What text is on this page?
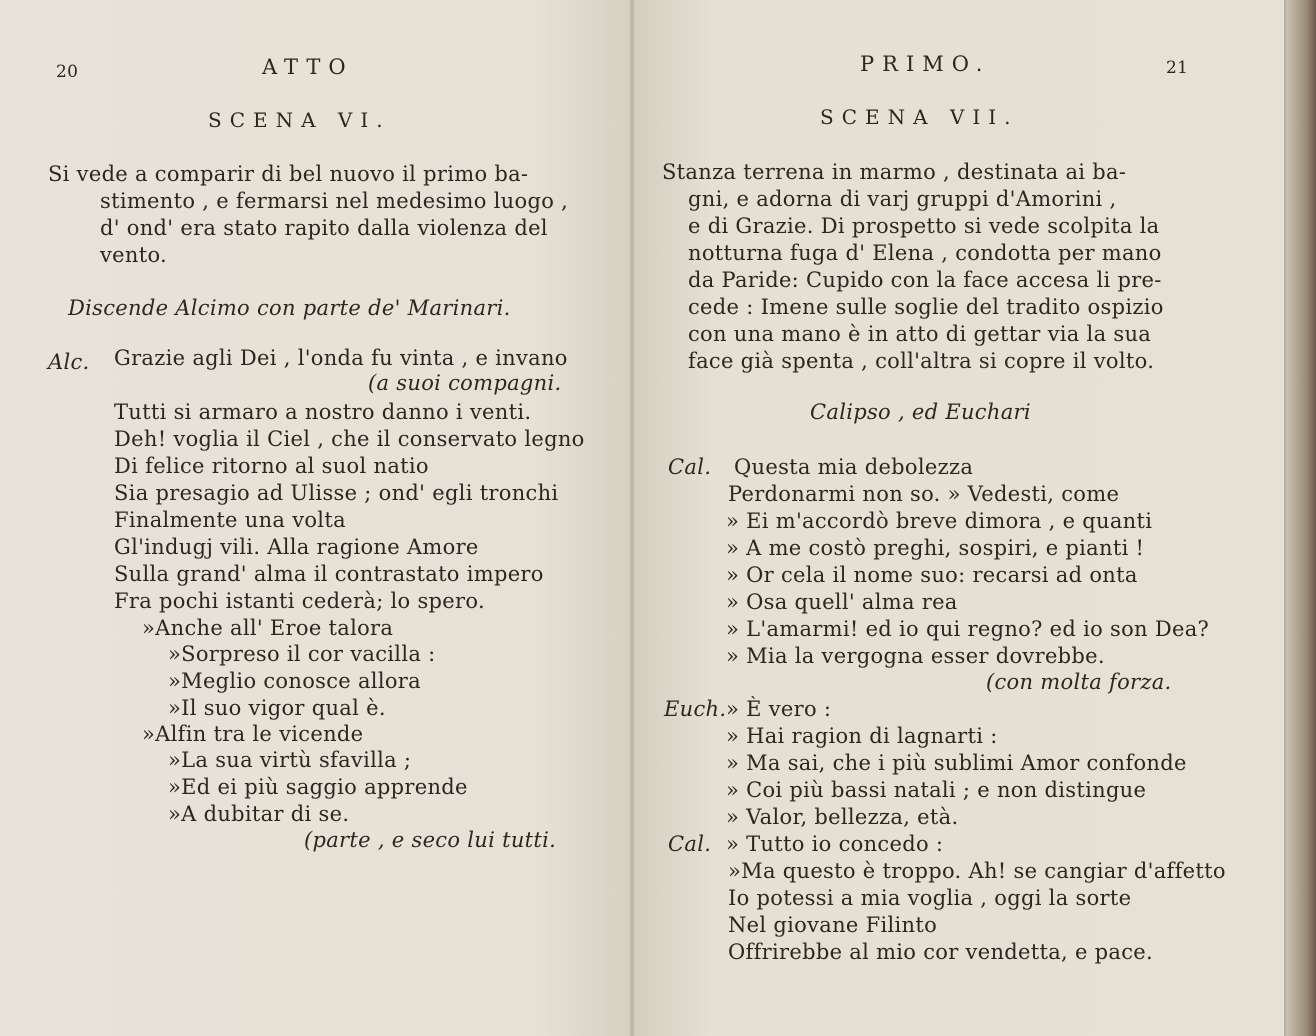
20	ATTO
SCENA VI.
Si vede a comparir di bel nuovo il primo ba-
stimento , e fermarsi nel medesimo luogo ,
d' ond' era stato rapito dalla violenza del
vento.
Discende Alcimo con parte de' Marinari.
Alc. Grazie agli Dei , l'onda fu vinta , e invano
(a suoi compagni.
Tutti si armaro a nostro danno i venti.
Deh! voglia il Ciel , che il conservato legno
Di felice ritorno al suol natio
Sia presagio ad Ulisse ; ond' egli tronchi
Finalmente una volta
Gl'indugj vili. Alla ragione Amore
Sulla grand' alma il contrastato impero
Fra pochi istanti cederà; lo spero.
»Anche all' Eroe talora
»Sorpreso il cor vacilla :
»Meglio conosce allora
»Il suo vigor qual è.
»Alfin tra le vicende
»La sua virtù sfavilla ;
»Ed ei più saggio apprende
»A dubitar di se.
(parte , e seco lui tutti.
PRIMO.	21
SCENA VII.
Stanza terrena in marmo , destinata ai ba-
gni, e adorna di varj gruppi d'Amorini ,
e di Grazie. Di prospetto si vede scolpita la
notturna fuga d' Elena , condotta per mano
da Paride: Cupido con la face accesa li pre-
cede : Imene sulle soglie del tradito ospizio
con una mano è in atto di gettar via la sua
face già spenta , coll'altra si copre il volto.
Calipso , ed Euchari
Cal. Questa mia debolezza
Perdonarmi non so. » Vedesti, come
» Ei m'accordò breve dimora , e quanti
» A me costò preghi, sospiri, e pianti !
» Or cela il nome suo: recarsi ad onta
» Osa quell' alma rea
» L'amarmi! ed io qui regno? ed io son Dea?
» Mia la vergogna esser dovrebbe.
(con molta forza.
Euch. » È vero :
» Hai ragion di lagnarti :
» Ma sai, che i più sublimi Amor confonde
» Coi più bassi natali ; e non distingue
» Valor, bellezza, età.
Cal. » Tutto io concedo :
»Ma questo è troppo. Ah! se cangiar d'affetto
Io potessi a mia voglia , oggi la sorte
Nel giovane Filinto
Offrirebbe al mio cor vendetta, e pace.
